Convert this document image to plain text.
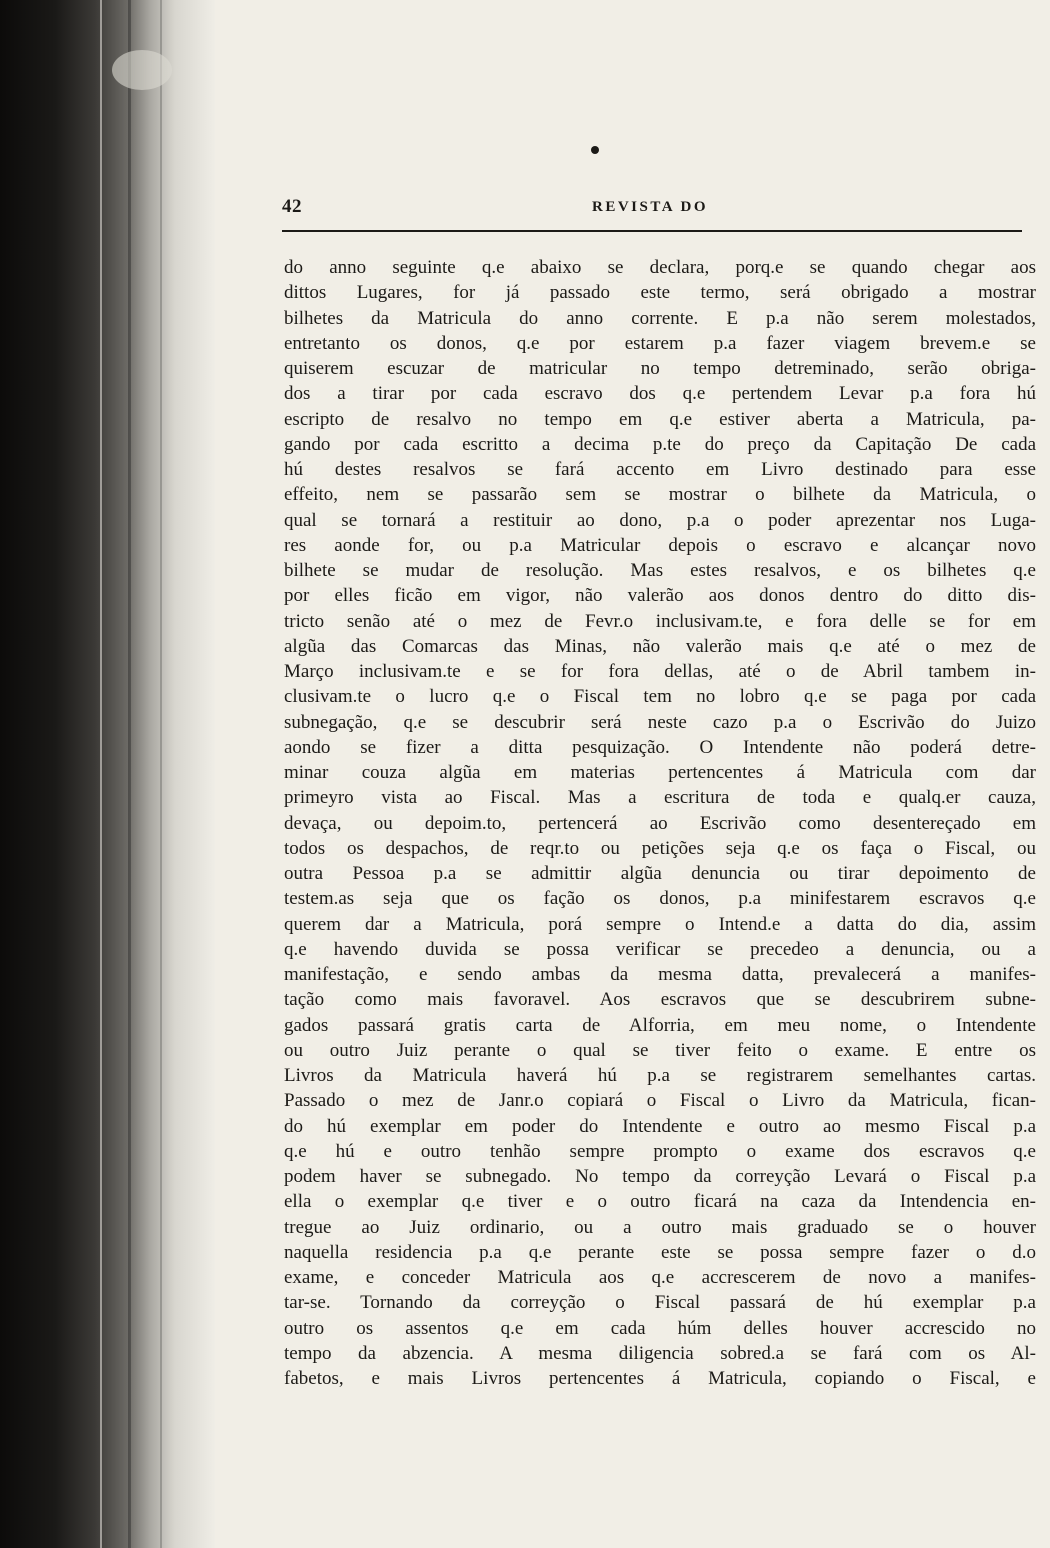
42	REVISTA DO
do anno seguinte q.e abaixo se declara, porq.e se quando chegar aos
dittos Lugares, for já passado este termo, será obrigado a mostrar
bilhetes da Matricula do anno corrente. E p.a não serem molestados,
entretanto os donos, q.e por estarem p.a fazer viagem brevem.e se
quiserem escuzar de matricular no tempo detreminado, serão obriga-
dos a tirar por cada escravo dos q.e pertendem Levar p.a fora hú
escripto de resalvo no tempo em q.e estiver aberta a Matricula, pa-
gando por cada escritto a decima p.te do preço da Capitação De cada
hú destes resalvos se fará accento em Livro destinado para esse
effeito, nem se passarão sem se mostrar o bilhete da Matricula, o
qual se tornará a restituir ao dono, p.a o poder aprezentar nos Luga-
res aonde for, ou p.a Matricular depois o escravo e alcançar novo
bilhete se mudar de resolução. Mas estes resalvos, e os bilhetes q.e
por elles ficão em vigor, não valerão aos donos dentro do ditto dis-
tricto senão até o mez de Fevr.o inclusivam.te, e fora delle se for em
algũa das Comarcas das Minas, não valerão mais q.e até o mez de
Março inclusivam.te e se for fora dellas, até o de Abril tambem in-
clusivam.te o lucro q.e o Fiscal tem no lobro q.e se paga por cada
subnegação, q.e se descubrir será neste cazo p.a o Escrivão do Juizo
aondo se fizer a ditta pesquização. O Intendente não poderá detre-
minar couza algũa em materias pertencentes á Matricula com dar
primeyro vista ao Fiscal. Mas a escritura de toda e qualq.er cauza,
devaça, ou depoim.to, pertencerá ao Escrivão como desentereçado em
todos os despachos, de reqr.to ou petições seja q.e os faça o Fiscal, ou
outra Pessoa p.a se admittir algũa denuncia ou tirar depoimento de
testem.as seja que os fação os donos, p.a minifestarem escravos q.e
querem dar a Matricula, porá sempre o Intend.e a datta do dia, assim
q.e havendo duvida se possa verificar se precedeo a denuncia, ou a
manifestação, e sendo ambas da mesma datta, prevalecerá a manifes-
tação como mais favoravel. Aos escravos que se descubrirem subne-
gados passará gratis carta de Alforria, em meu nome, o Intendente
ou outro Juiz perante o qual se tiver feito o exame. E entre os
Livros da Matricula haverá hú p.a se registrarem semelhantes cartas.
Passado o mez de Janr.o copiará o Fiscal o Livro da Matricula, fican-
do hú exemplar em poder do Intendente e outro ao mesmo Fiscal p.a
q.e hú e outro tenhão sempre prompto o exame dos escravos q.e
podem haver se subnegado. No tempo da correyção Levará o Fiscal p.a
ella o exemplar q.e tiver e o outro ficará na caza da Intendencia en-
tregue ao Juiz ordinario, ou a outro mais graduado se o houver
naquella residencia p.a q.e perante este se possa sempre fazer o d.o
exame, e conceder Matricula aos q.e accrescerem de novo a manifes-
tar-se. Tornando da correyção o Fiscal passará de hú exemplar p.a
outro os assentos q.e em cada húm delles houver accrescido no
tempo da abzencia. A mesma diligencia sobred.a se fará com os Al-
fabetos, e mais Livros pertencentes á Matricula, copiando o Fiscal, e
